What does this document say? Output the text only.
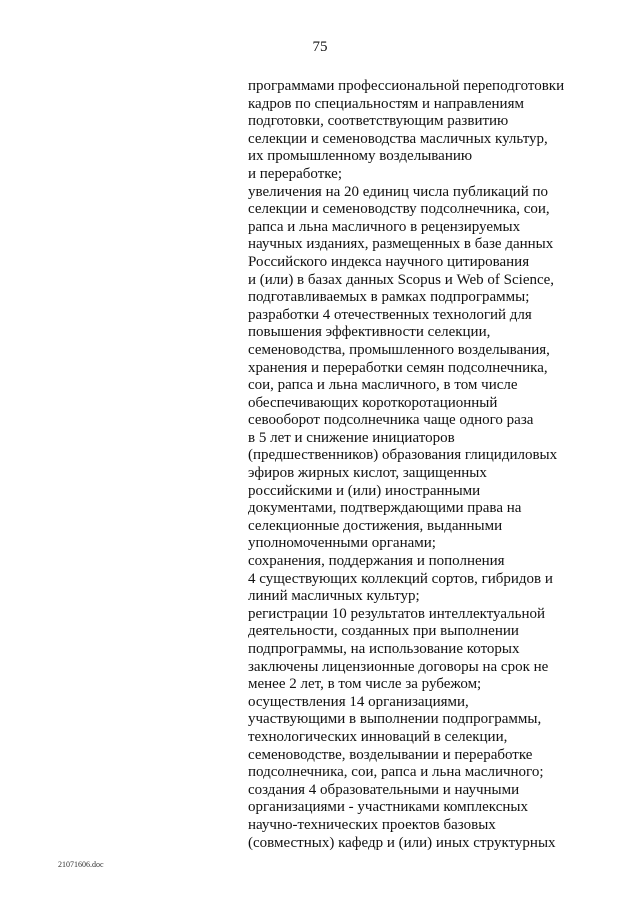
75
программами профессиональной переподготовки
кадров по специальностям и направлениям
подготовки, соответствующим развитию
селекции и семеноводства масличных культур,
их промышленному возделыванию
и переработке;
увеличения на 20 единиц числа публикаций по
селекции и семеноводству подсолнечника, сои,
рапса и льна масличного в рецензируемых
научных изданиях, размещенных в базе данных
Российского индекса научного цитирования
и (или) в базах данных Scopus и Web of Science,
подготавливаемых в рамках подпрограммы;
разработки 4 отечественных технологий для
повышения эффективности селекции,
семеноводства, промышленного возделывания,
хранения и переработки семян подсолнечника,
сои, рапса и льна масличного, в том числе
обеспечивающих короткоротационный
севооборот подсолнечника чаще одного раза
в 5 лет и снижение инициаторов
(предшественников) образования глицидиловых
эфиров жирных кислот, защищенных
российскими и (или) иностранными
документами, подтверждающими права на
селекционные достижения, выданными
уполномоченными органами;
сохранения, поддержания и пополнения
4 существующих коллекций сортов, гибридов и
линий масличных культур;
регистрации 10 результатов интеллектуальной
деятельности, созданных при выполнении
подпрограммы, на использование которых
заключены лицензионные договоры на срок не
менее 2 лет, в том числе за рубежом;
осуществления 14 организациями,
участвующими в выполнении подпрограммы,
технологических инноваций в селекции,
семеноводстве, возделывании и переработке
подсолнечника, сои, рапса и льна масличного;
создания 4 образовательными и научными
организациями - участниками комплексных
научно-технических проектов базовых
(совместных) кафедр и (или) иных структурных
21071606.doc
